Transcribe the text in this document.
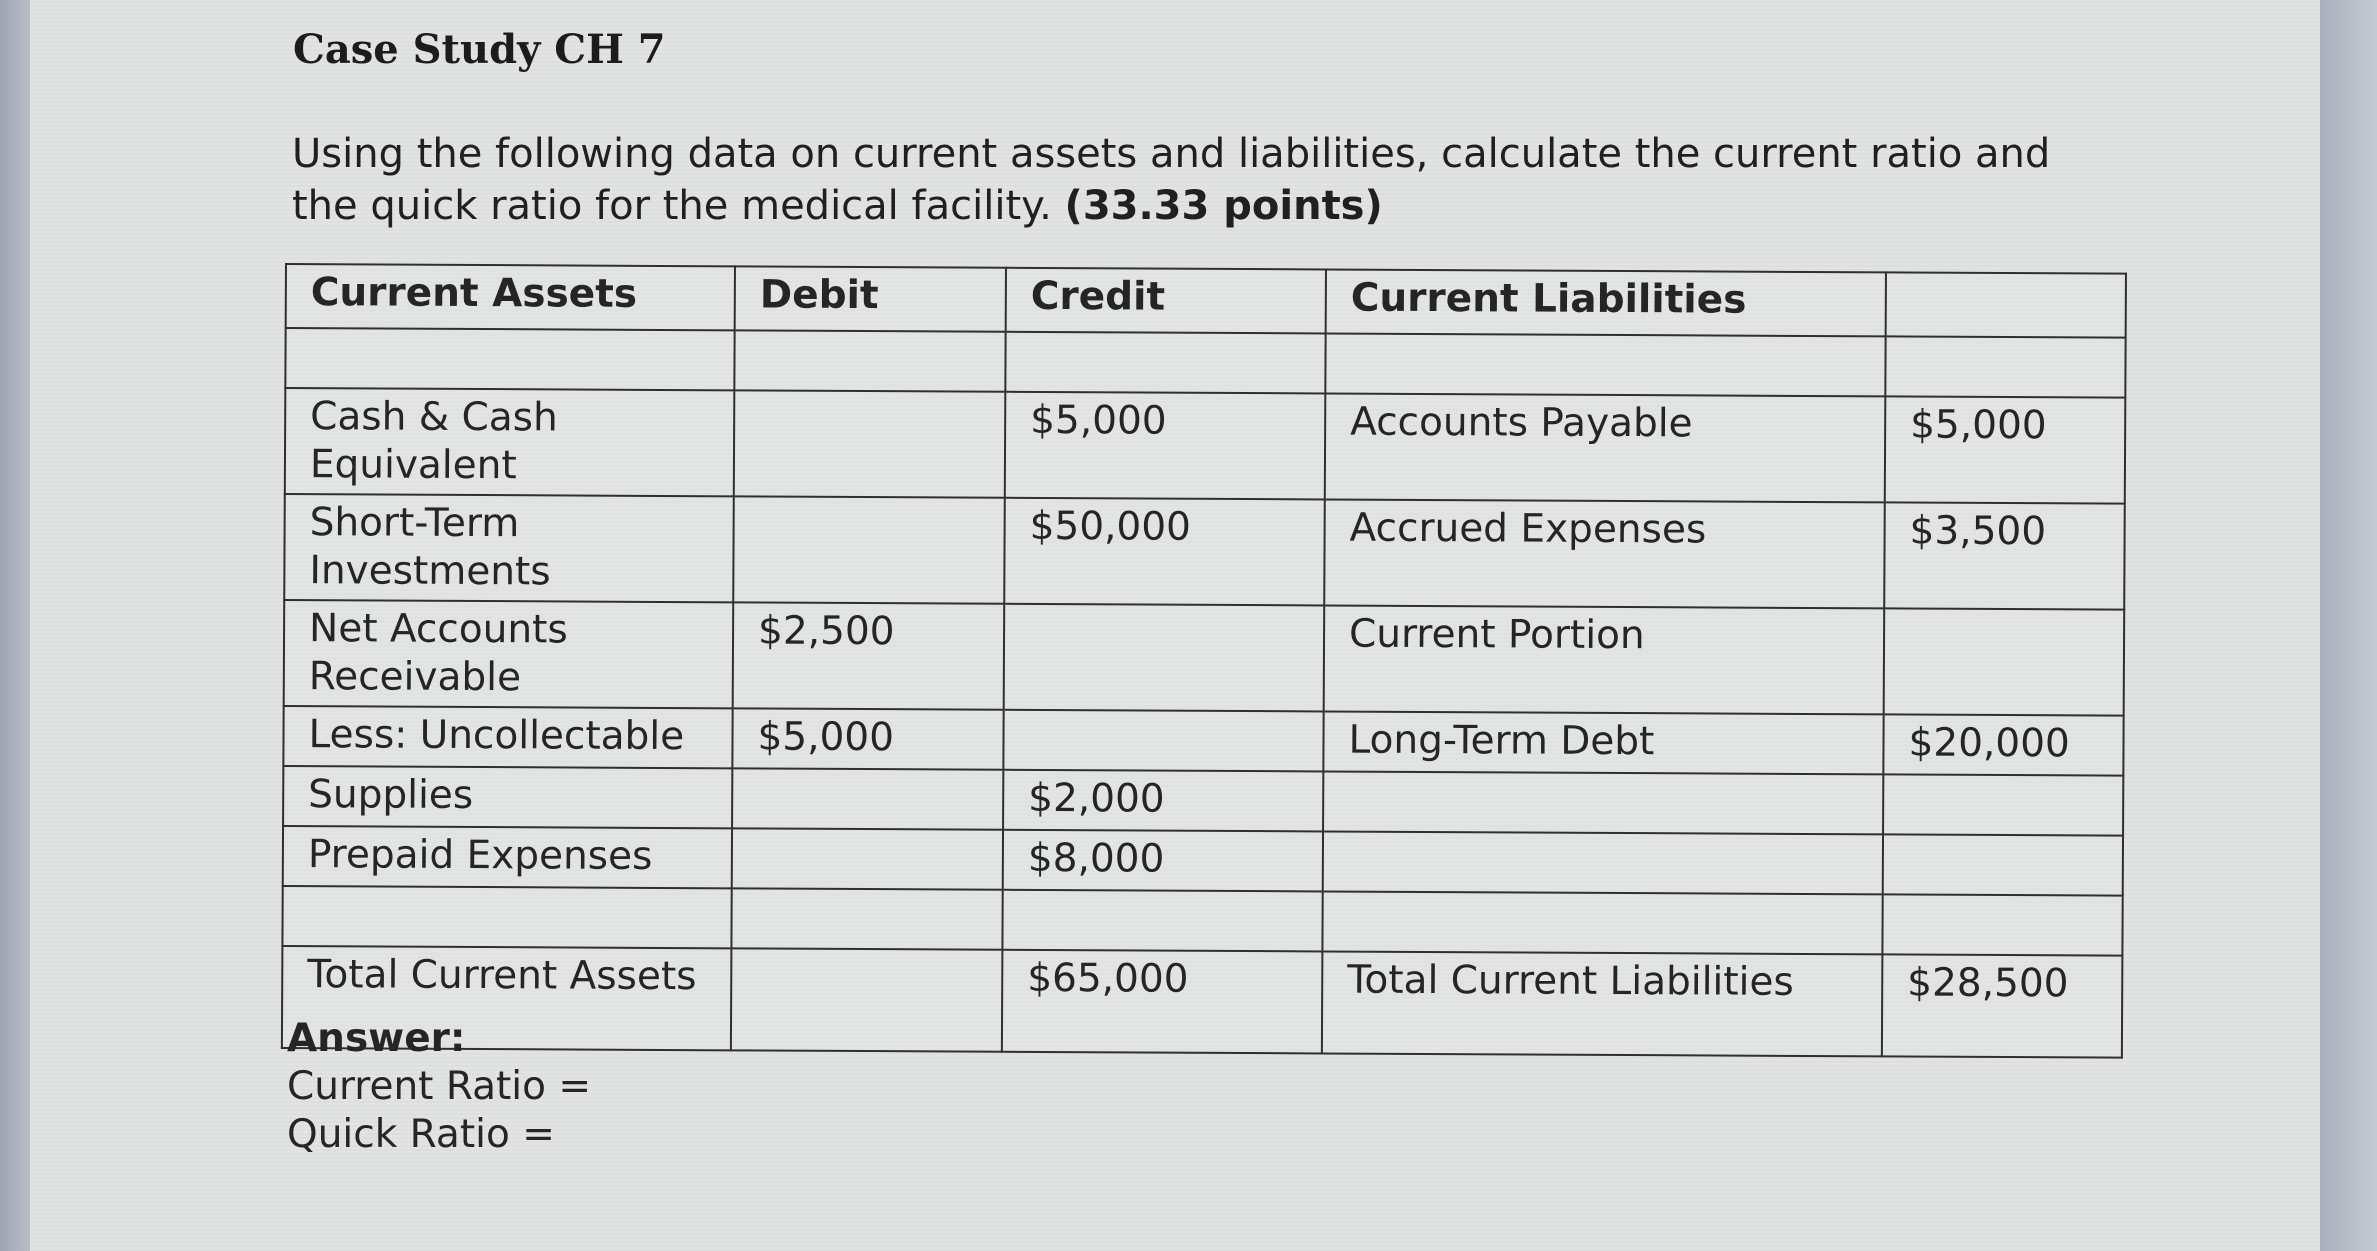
Case Study CH 7
Using the following data on current assets and liabilities, calculate the current ratio and the quick ratio for the medical facility. (33.33 points)
Current Assets	Debit	Credit	Current Liabilities	

Cash & Cash Equivalent		$5,000	Accounts Payable	$5,000
Short-Term Investments		$50,000	Accrued Expenses	$3,500
Net Accounts Receivable	$2,500		Current Portion	
Less: Uncollectable	$5,000		Long-Term Debt	$20,000
Supplies		$2,000		
Prepaid Expenses		$8,000		

Total Current Assets		$65,000	Total Current Liabilities	$28,500
Answer:
Current Ratio =
Quick Ratio =
